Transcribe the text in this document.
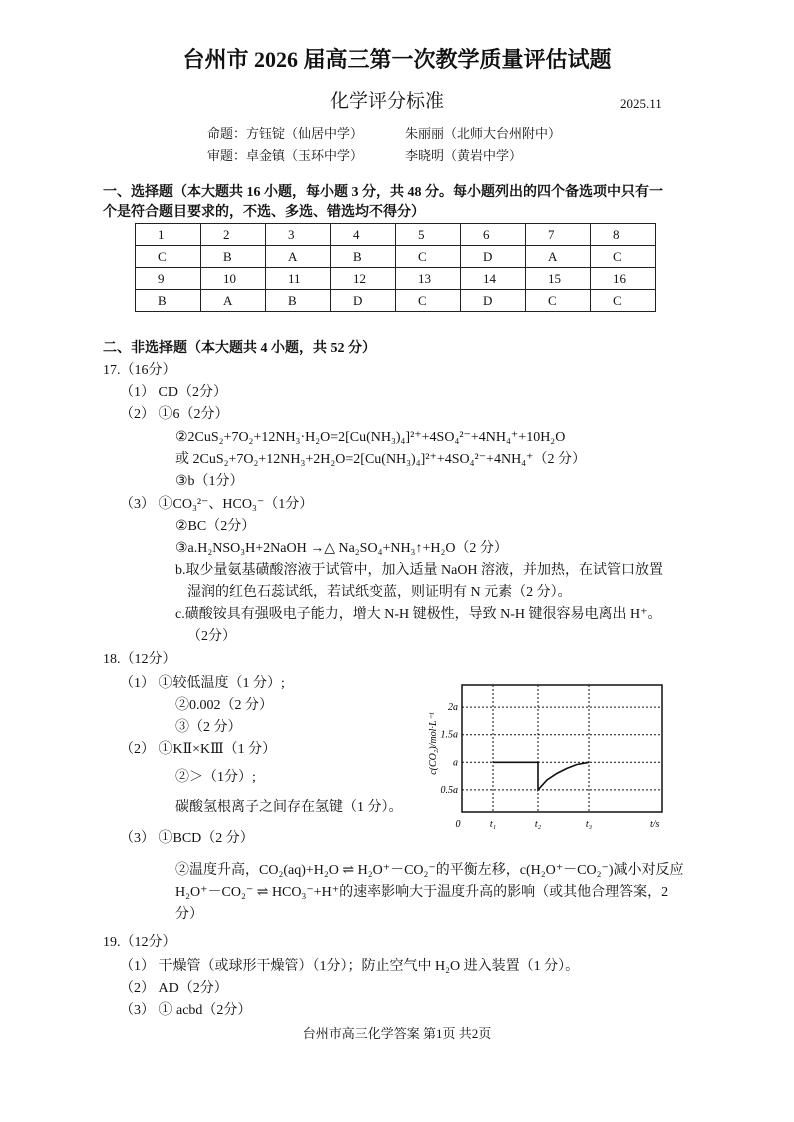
台州市 2026 届高三第一次教学质量评估试题
化学评分标准	2025.11
命题：方钰锭（仙居中学）	朱丽丽（北师大台州附中）
审题：卓金镇（玉环中学）	李晓明（黄岩中学）
一、选择题（本大题共 16 小题，每小题 3 分，共 48 分。每小题列出的四个备选项中只有一
个是符合题目要求的，不选、多选、错选均不得分）
1	2	3	4	5	6	7	8
C	B	A	B	C	D	A	C
9	10	11	12	13	14	15	16
B	A	B	D	C	D	C	C
二、非选择题（本大题共 4 小题，共 52 分）
17.（16分）
（1） CD（2分）
（2） ①6（2分）
②2CuS₂+7O₂+12NH₃·H₂O=2[Cu(NH₃)₄]²⁺+4SO₄²⁻+4NH₄⁺+10H₂O
或 2CuS₂+7O₂+12NH₃+2H₂O=2[Cu(NH₃)₄]²⁺+4SO₄²⁻+4NH₄⁺（2 分）
③b（1分）
（3） ①CO₃²⁻、HCO₃⁻（1分）
②BC（2分）
③a.H₂NSO₃H+2NaOH →△ Na₂SO₄+NH₃↑+H₂O（2 分）
b.取少量氨基磺酸溶液于试管中，加入适量 NaOH 溶液，并加热，在试管口放置
湿润的红色石蕊试纸，若试纸变蓝，则证明有 N 元素（2 分）。
c.磺酸铵具有强吸电子能力，增大 N-H 键极性，导致 N-H 键很容易电离出 H⁺。
（2分）
18.（12分）
（1） ①较低温度（1 分）;
②0.002（2 分）
③（2 分）
（2） ①KⅡ×KⅢ（1 分）
②＞（1分）;
碳酸氢根离子之间存在氢键（1 分）。
（3） ①BCD（2 分）
②温度升高，CO₂(aq)+H₂O ⇌ H₂O⁺－CO₂⁻的平衡左移，c(H₂O⁺－CO₂⁻)减小对反应
H₂O⁺－CO₂⁻ ⇌ HCO₃⁻+H⁺的速率影响大于温度升高的影响（或其他合理答案，2
分）
19.（12分）
（1） 干燥管（或球形干燥管）（1分）；防止空气中 H₂O 进入装置（1 分）。
（2） AD（2分）
（3） ① acbd（2分）
0.5a
a
1.5a
2a
t₁	t₂	t₃
0	t/s
c(CO₂)/mol·L⁻¹
台州市高三化学答案 第1页 共2页
